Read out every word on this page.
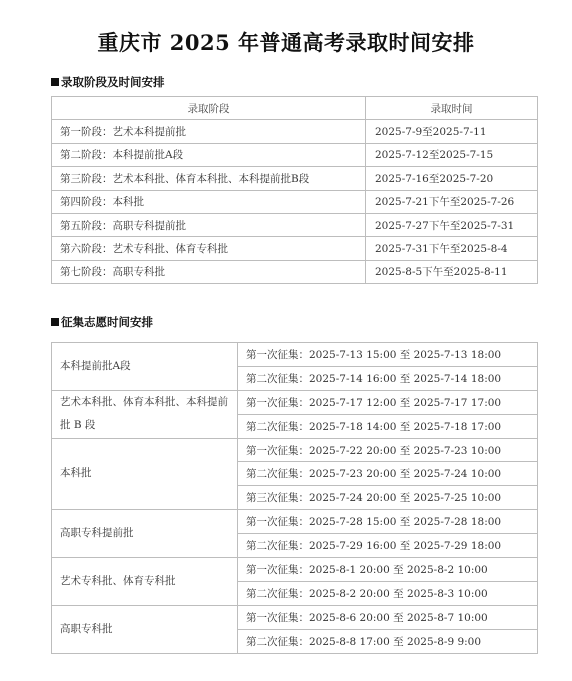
重庆市 2025 年普通高考录取时间安排
录取阶段及时间安排
录取阶段	录取时间
第一阶段：艺术本科提前批	2025-7-9至2025-7-11
第二阶段：本科提前批A段	2025-7-12至2025-7-15
第三阶段：艺术本科批、体育本科批、本科提前批B段	2025-7-16至2025-7-20
第四阶段：本科批	2025-7-21下午至2025-7-26
第五阶段：高职专科提前批	2025-7-27下午至2025-7-31
第六阶段：艺术专科批、体育专科批	2025-7-31下午至2025-8-4
第七阶段：高职专科批	2025-8-5下午至2025-8-11
征集志愿时间安排
本科提前批A段	第一次征集：2025-7-13 15:00 至 2025-7-13 18:00
	第二次征集：2025-7-14 16:00 至 2025-7-14 18:00
艺术本科批、体育本科批、本科提前批 B 段	第一次征集：2025-7-17 12:00 至 2025-7-17 17:00
	第二次征集：2025-7-18 14:00 至 2025-7-18 17:00
本科批	第一次征集：2025-7-22 20:00 至 2025-7-23 10:00
	第二次征集：2025-7-23 20:00 至 2025-7-24 10:00
	第三次征集：2025-7-24 20:00 至 2025-7-25 10:00
高职专科提前批	第一次征集：2025-7-28 15:00 至 2025-7-28 18:00
	第二次征集：2025-7-29 16:00 至 2025-7-29 18:00
艺术专科批、体育专科批	第一次征集：2025-8-1 20:00 至 2025-8-2 10:00
	第二次征集：2025-8-2 20:00 至 2025-8-3 10:00
高职专科批	第一次征集：2025-8-6 20:00 至 2025-8-7 10:00
	第二次征集：2025-8-8 17:00 至 2025-8-9 9:00
